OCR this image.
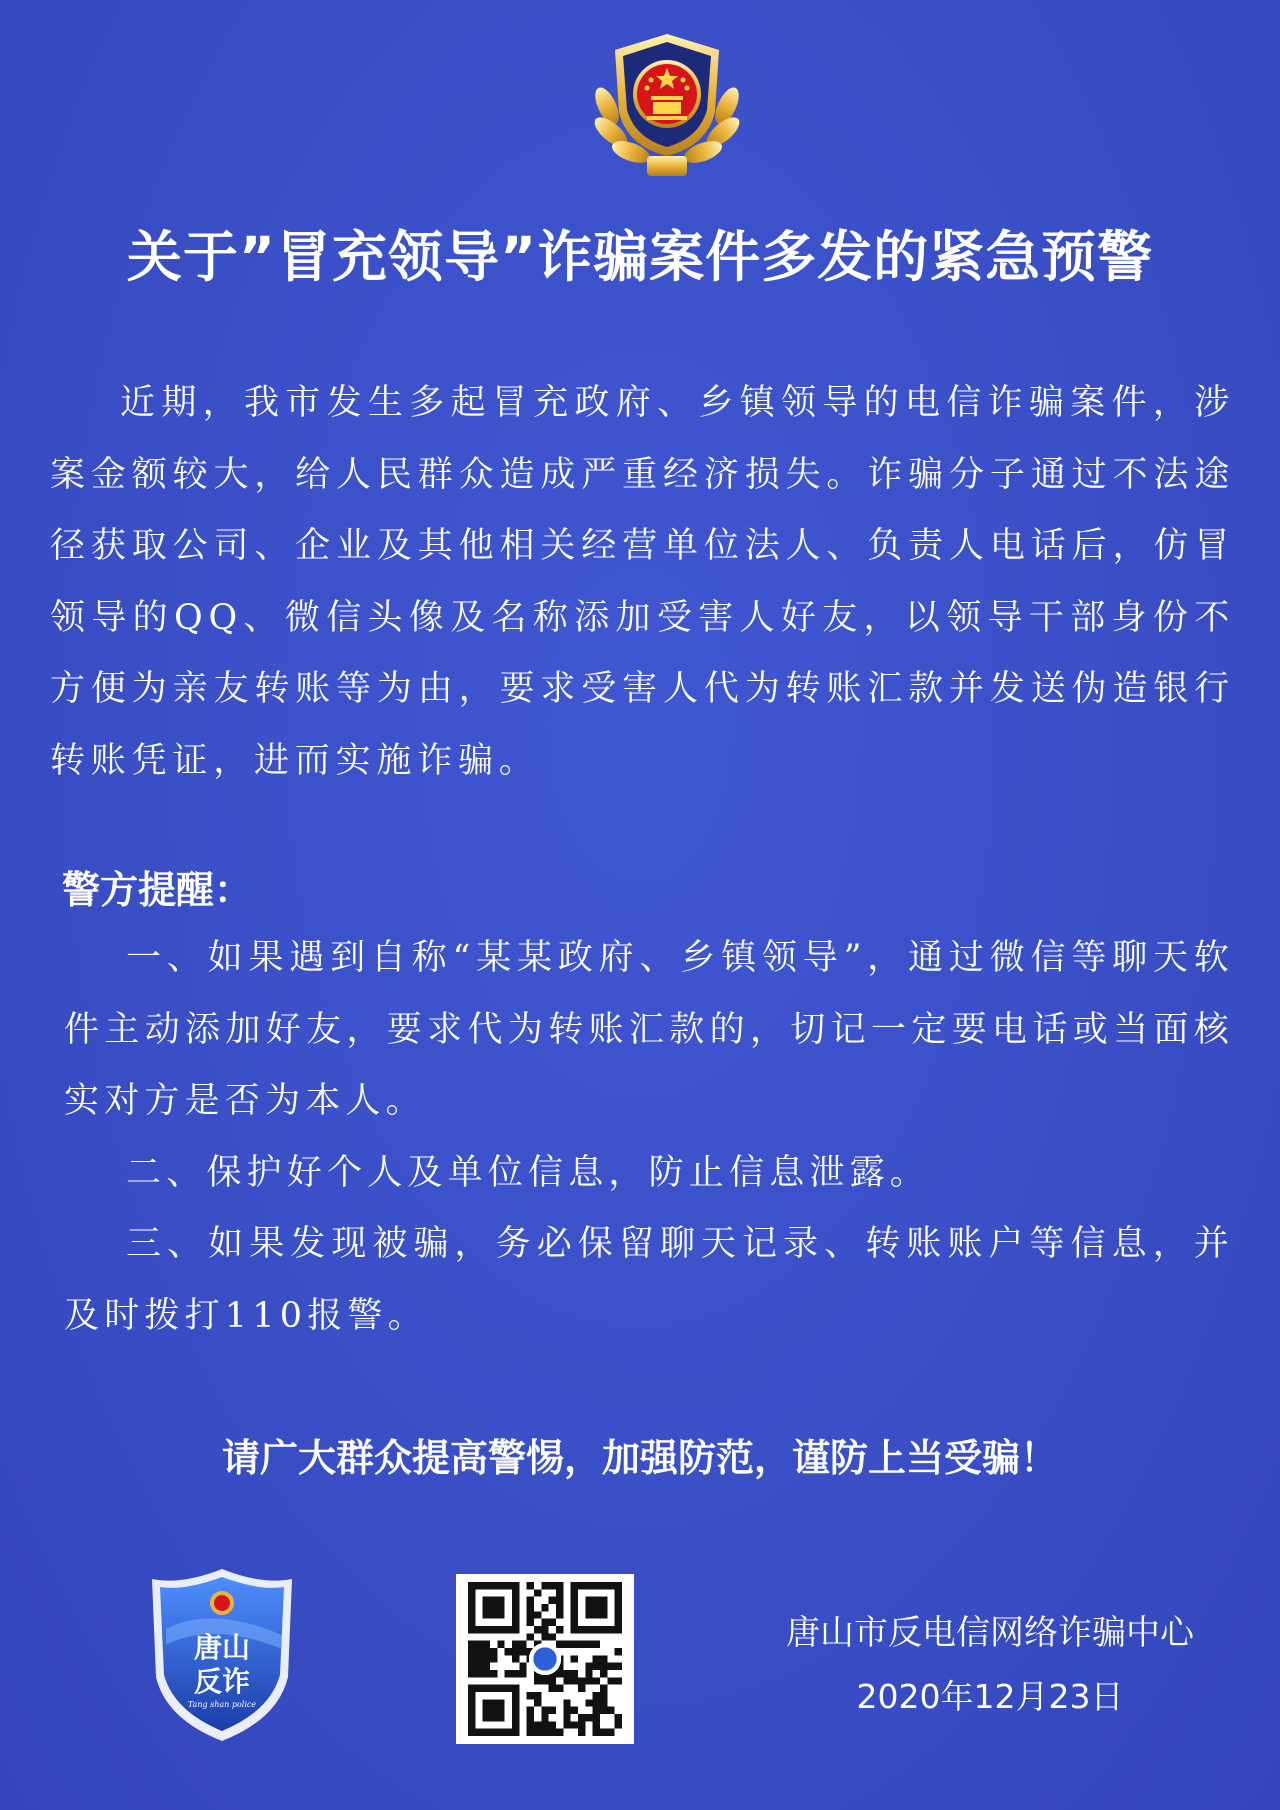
关于”冒充领导”诈骗案件多发的紧急预警
近期，我市发生多起冒充政府、乡镇领导的电信诈骗案件，涉案金额较大，给人民群众造成严重经济损失。诈骗分子通过不法途径获取公司、企业及其他相关经营单位法人、负责人电话后，仿冒领导的QQ、微信头像及名称添加受害人好友，以领导干部身份不方便为亲友转账等为由，要求受害人代为转账汇款并发送伪造银行转账凭证，进而实施诈骗。
警方提醒：

一、如果遇到自称“某某政府、乡镇领导”，通过微信等聊天软件主动添加好友，要求代为转账汇款的，切记一定要电话或当面核实对方是否为本人。

二、保护好个人及单位信息，防止信息泄露。

三、如果发现被骗，务必保留聊天记录、转账账户等信息，并及时拨打110报警。

请广大群众提高警惕，加强防范，谨防上当受骗！
唐山
反诈
Tang shan police
唐山市反电信网络诈骗中心
2020年12月23日
